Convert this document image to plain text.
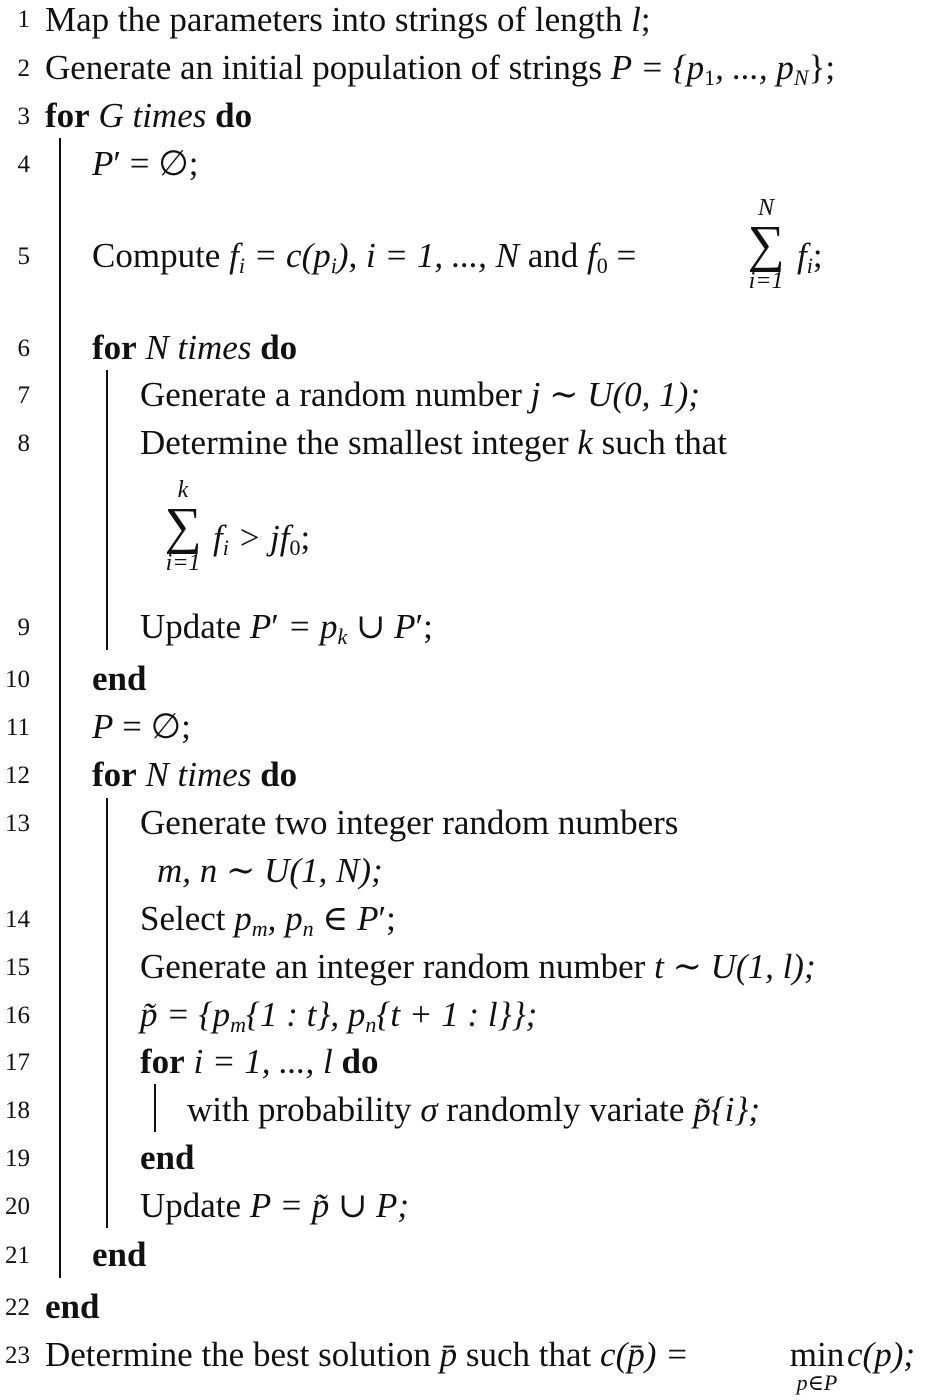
1
2
3
4
5
6
7
8
9
10
11
12
13
14
15
16
17
18
19
20
21
22
23
Map the parameters into strings of length l;
Generate an initial population of strings $P = \{p_1$, ..., $p_N$};
for G times do
P′ = ∅;
Compute $f_i = c(p_i)$, i = 1, ..., N and $f_0$ =
N
∑
i=1
$f_i$;
for N times do
Generate a random number j ∼ U(0, 1);
Determine the smallest integer k such that
k
∑
i=1
$f_i > jf_0$;
Update $P' = p_k$ ∪ P′;
end
P = ∅;
for N times do
Generate two integer random numbers
m, n ∼ U(1, N);
Select $p_m$, $p_n$ ∈ P′;
Generate an integer random number t ∼ U(1, l);
p̃ = {$p_m\{1$ : t}, $p_n\{t + 1$ : l}};
for i = 1, ..., l do
with probability σ randomly variate p̃{i};
end
Update P = p̃ ∪ P;
end
end
Determine the best solution p̄ such that c(p̄) =	min
p∈P
c(p);
